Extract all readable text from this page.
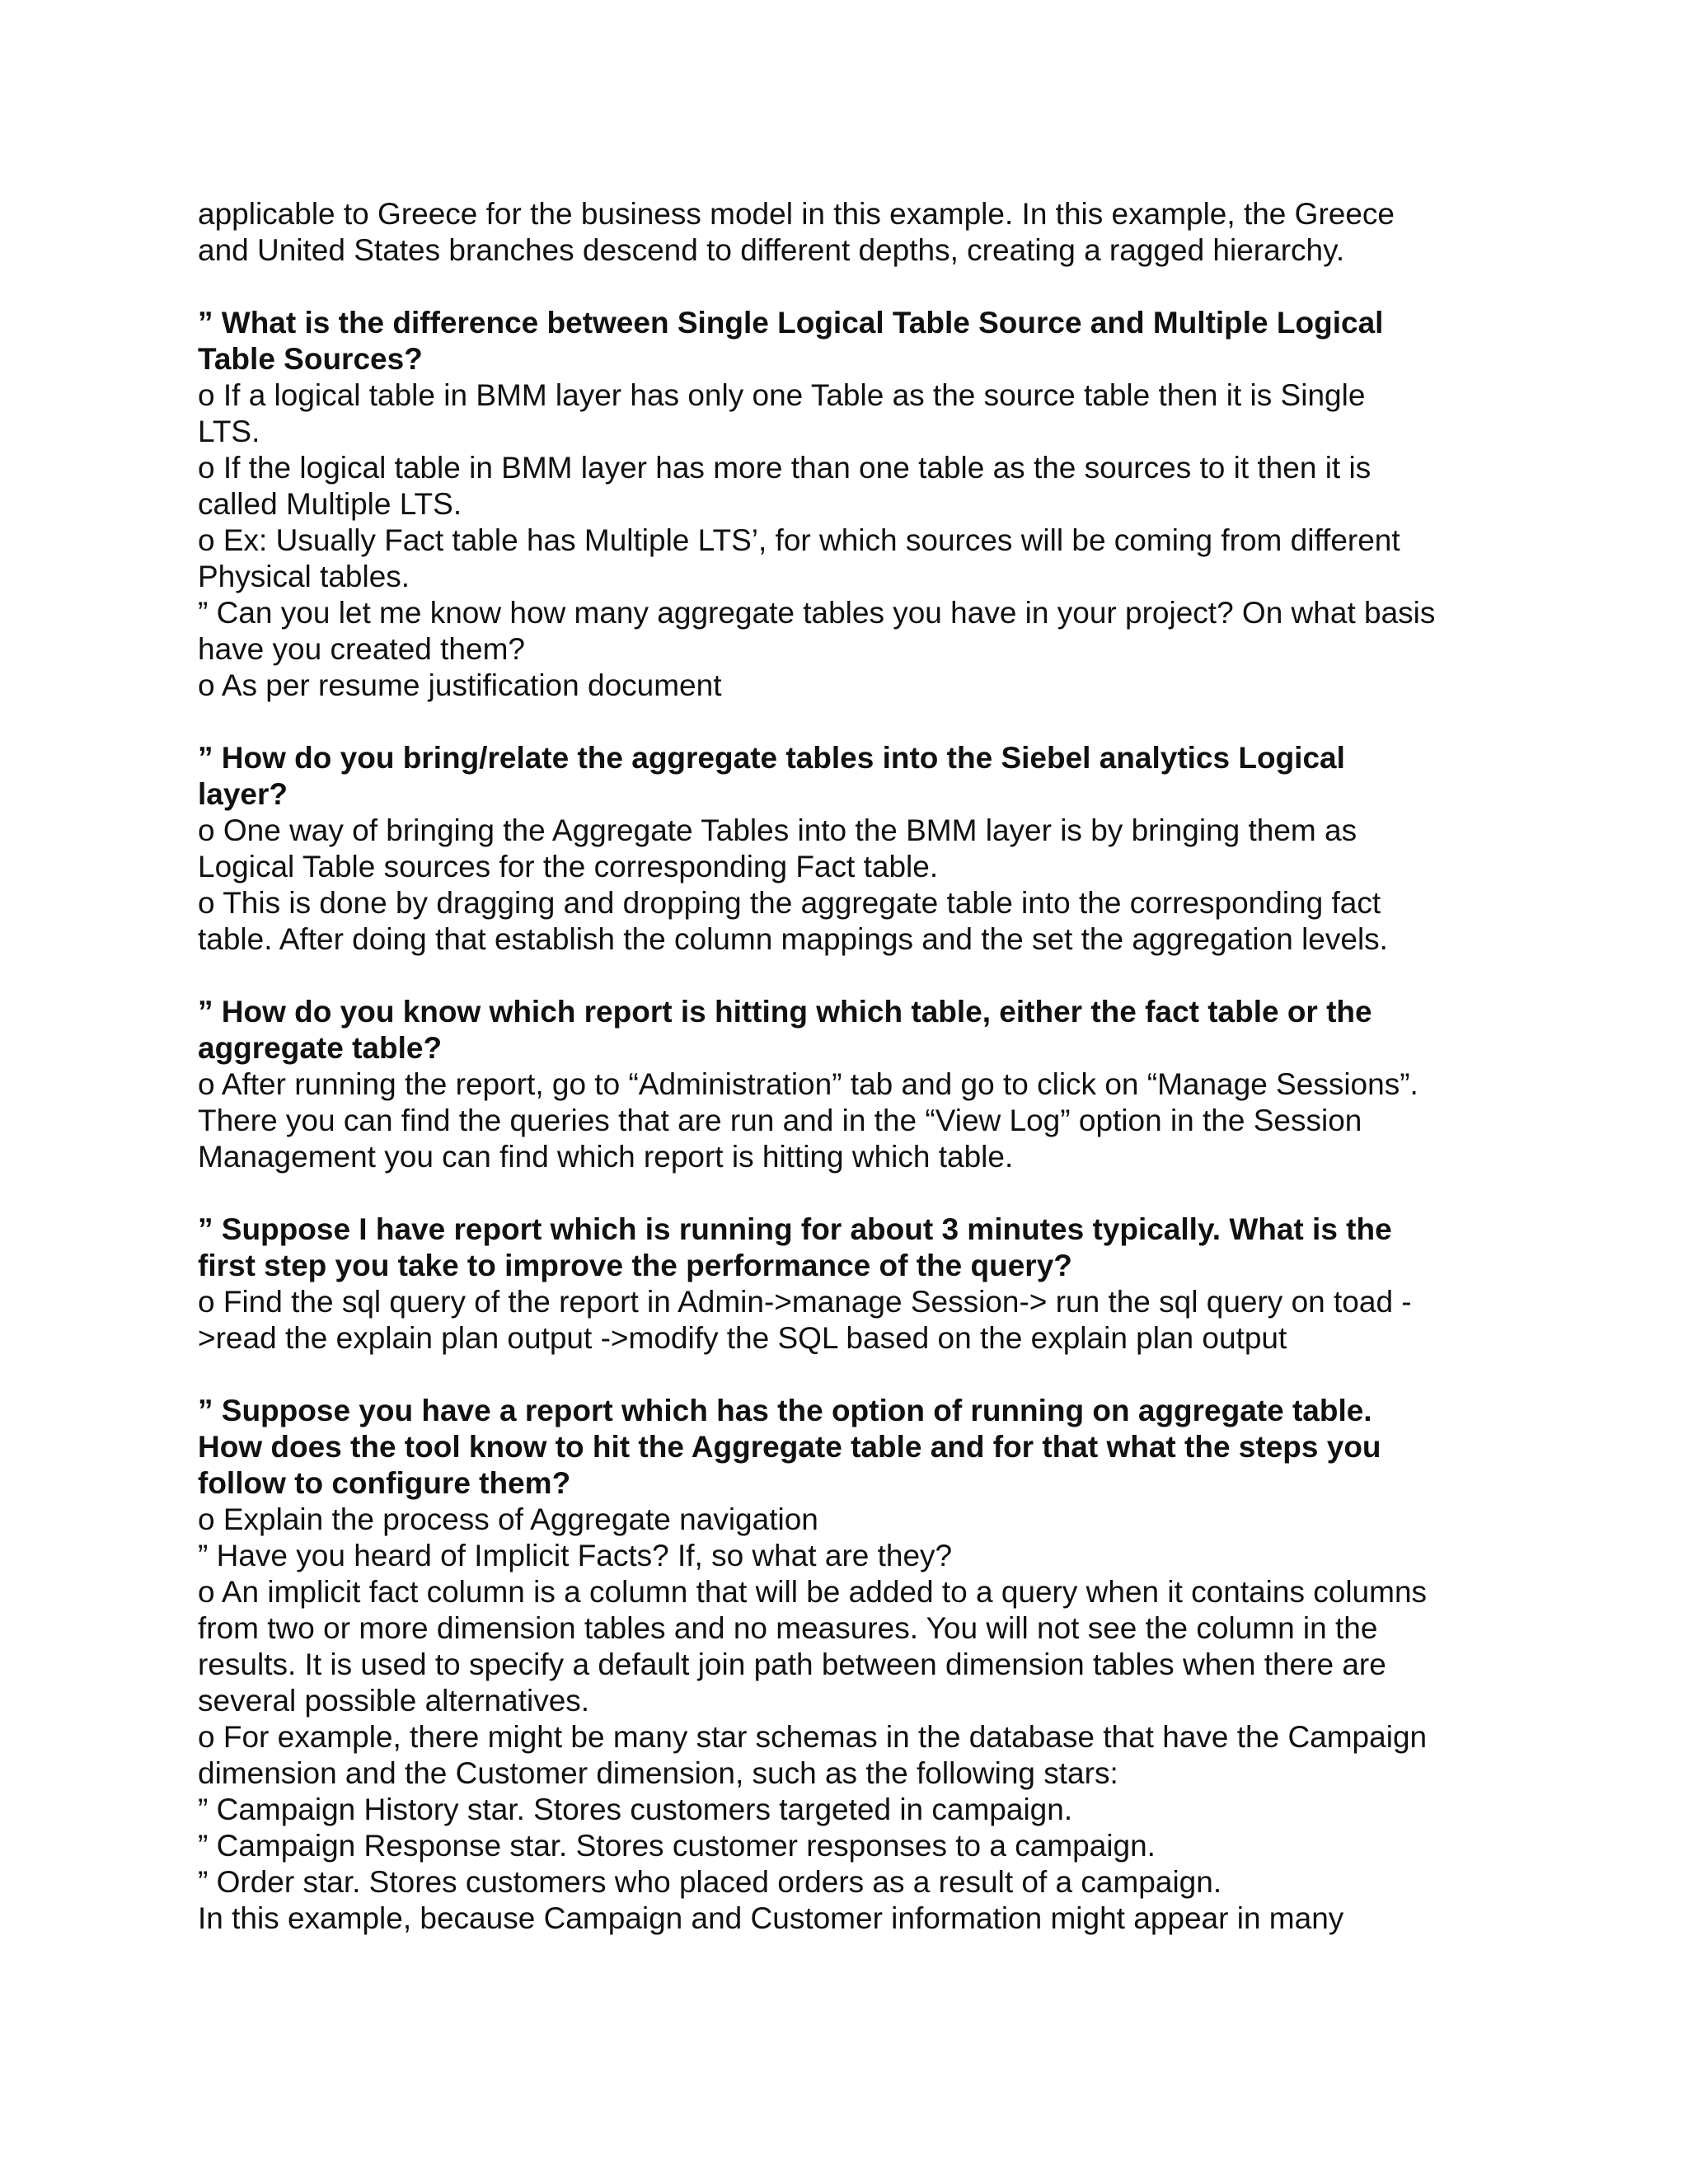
applicable to Greece for the business model in this example. In this example, the Greece
and United States branches descend to different depths, creating a ragged hierarchy.
” What is the difference between Single Logical Table Source and Multiple Logical
Table Sources?
o If a logical table in BMM layer has only one Table as the source table then it is Single
LTS.
o If the logical table in BMM layer has more than one table as the sources to it then it is
called Multiple LTS.
o Ex: Usually Fact table has Multiple LTS’, for which sources will be coming from different
Physical tables.
” Can you let me know how many aggregate tables you have in your project? On what basis
have you created them?
o As per resume justification document
” How do you bring/relate the aggregate tables into the Siebel analytics Logical
layer?
o One way of bringing the Aggregate Tables into the BMM layer is by bringing them as
Logical Table sources for the corresponding Fact table.
o This is done by dragging and dropping the aggregate table into the corresponding fact
table. After doing that establish the column mappings and the set the aggregation levels.
” How do you know which report is hitting which table, either the fact table or the
aggregate table?
o After running the report, go to “Administration” tab and go to click on “Manage Sessions”.
There you can find the queries that are run and in the “View Log” option in the Session
Management you can find which report is hitting which table.
” Suppose I have report which is running for about 3 minutes typically. What is the
first step you take to improve the performance of the query?
o Find the sql query of the report in Admin->manage Session-> run the sql query on toad -
>read the explain plan output ->modify the SQL based on the explain plan output
” Suppose you have a report which has the option of running on aggregate table.
How does the tool know to hit the Aggregate table and for that what the steps you
follow to configure them?
o Explain the process of Aggregate navigation
” Have you heard of Implicit Facts? If, so what are they?
o An implicit fact column is a column that will be added to a query when it contains columns
from two or more dimension tables and no measures. You will not see the column in the
results. It is used to specify a default join path between dimension tables when there are
several possible alternatives.
o For example, there might be many star schemas in the database that have the Campaign
dimension and the Customer dimension, such as the following stars:
” Campaign History star. Stores customers targeted in campaign.
” Campaign Response star. Stores customer responses to a campaign.
” Order star. Stores customers who placed orders as a result of a campaign.
In this example, because Campaign and Customer information might appear in many
